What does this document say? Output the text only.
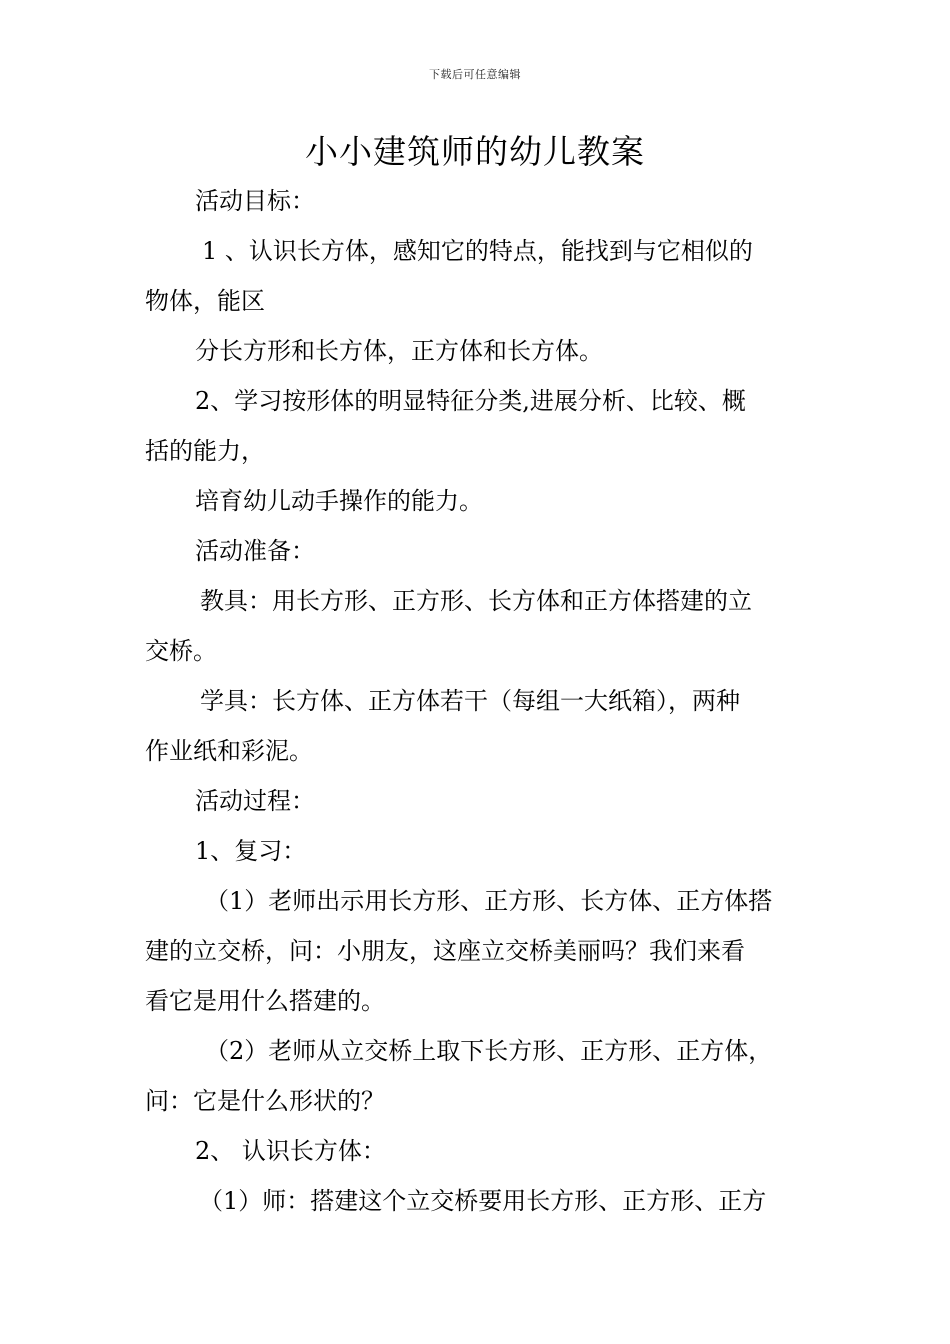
下载后可任意编辑
小小建筑师的幼儿教案

活动目标：

1 、认识长方体，感知它的特点，能找到与它相似的

物体，能区

分长方形和长方体，正方体和长方体。

2、学习按形体的明显特征分类,进展分析、比较、概

括的能力，

培育幼儿动手操作的能力。

活动准备：

教具：用长方形、正方形、长方体和正方体搭建的立

交桥。

学具：长方体、正方体若干（每组一大纸箱），两种

作业纸和彩泥。

活动过程：

1、复习：

（1）老师出示用长方形、正方形、长方体、正方体搭

建的立交桥，问：小朋友，这座立交桥美丽吗？我们来看

看它是用什么搭建的。

（2）老师从立交桥上取下长方形、正方形、正方体，

问：它是什么形状的？

2、 认识长方体：

（1）师：搭建这个立交桥要用长方形、正方形、正方
